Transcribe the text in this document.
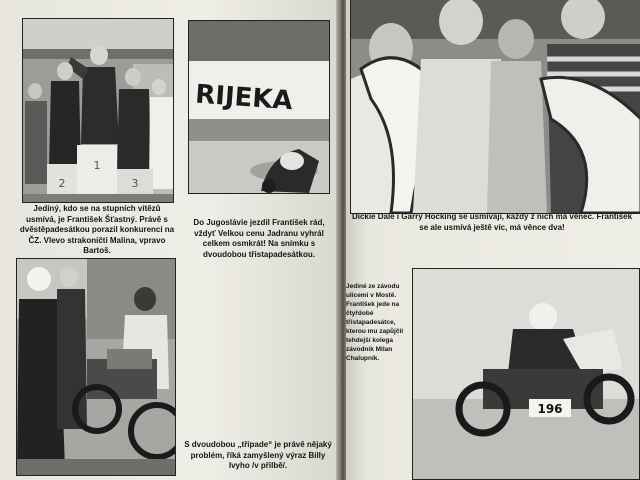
2
1
3

Jediný, kdo se na stupních vítězů usmívá, je František Šťastný. Právě s dvěstěpadesátkou porazil konkurenci na ČZ. Vlevo strakoničtí Malina, vpravo Bartoš.

RIJEKA

Do Jugoslávie jezdil František rád, vždyť Velkou cenu Jadranu vyhrál celkem osmkrát! Na snímku s dvoudobou třistapadesátkou.

S dvoudobou „třípade“ je právě nějaký problém, říká zamyšlený výraz Billy Ivyho /v přilbě/.

Dickie Dale i Garry Hocking se usmívají, každý z nich má věnec. František se ale usmívá ještě víc, má věnce dva!

196

Jediné ze závodu ulicemi v Mostě. František jede na čtyřdobé třistapadesátce, kterou mu zapůjčil tehdejší kolega závodník Milan Chalupník.
